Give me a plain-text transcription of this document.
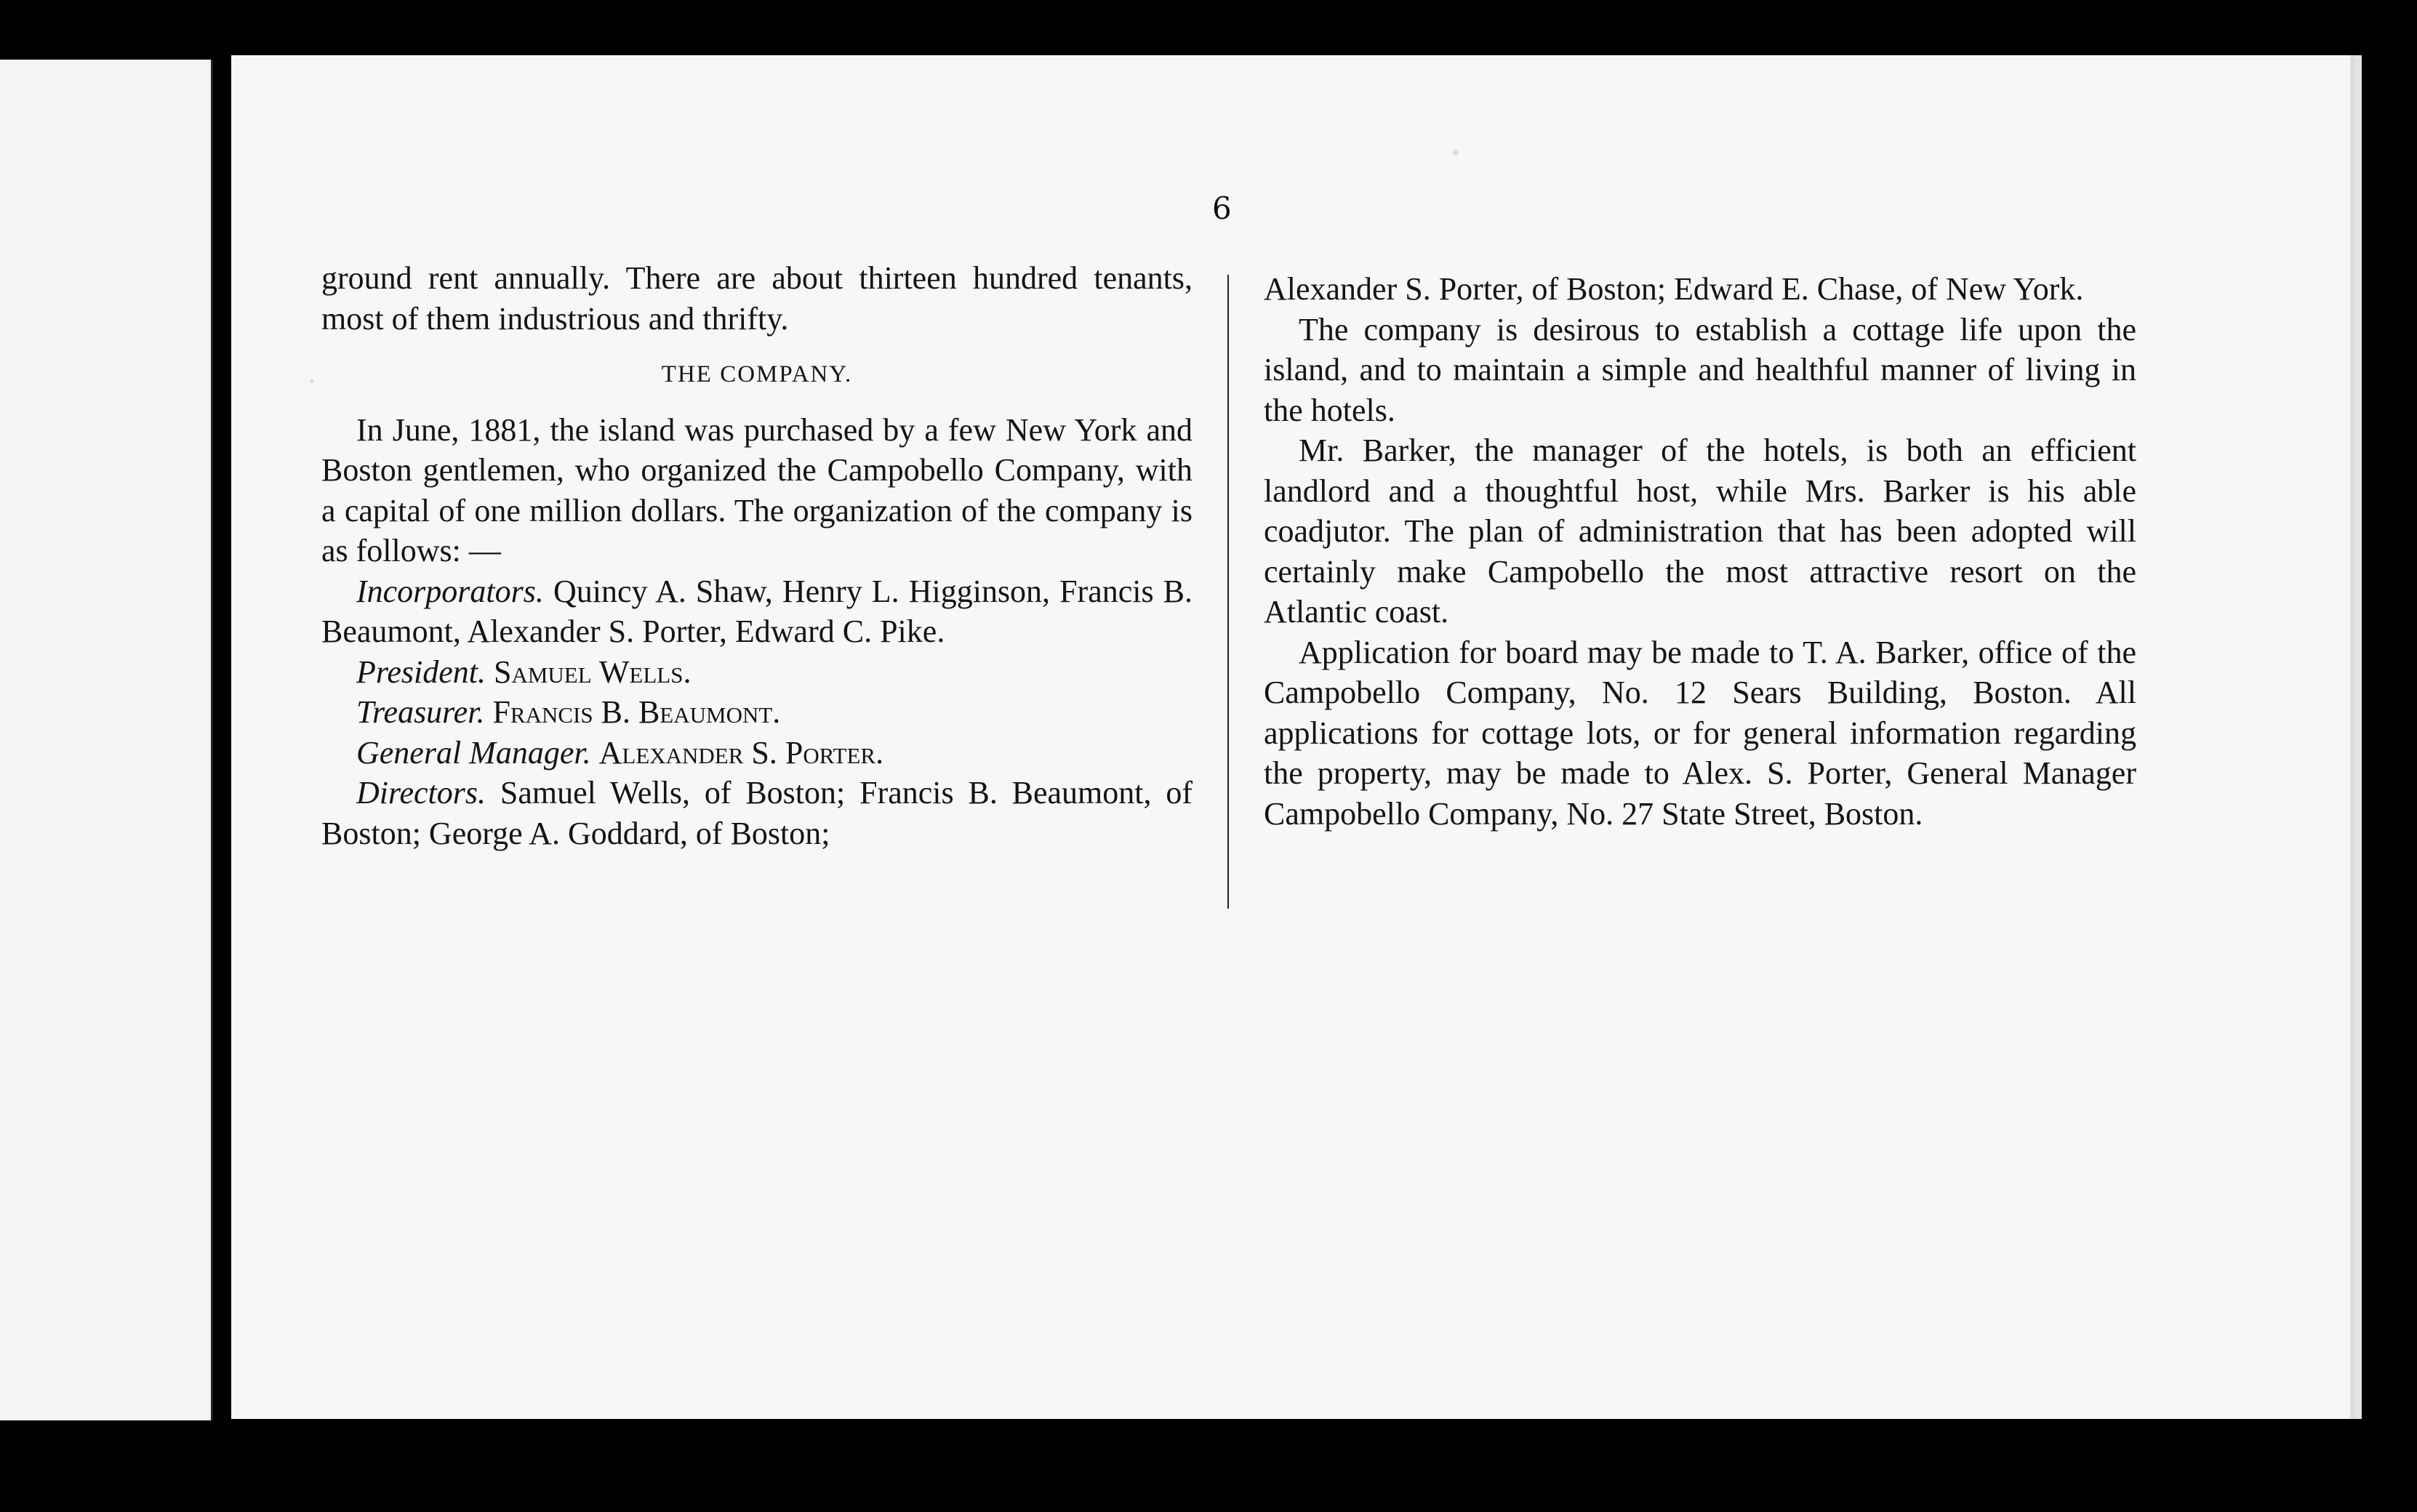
6

ground rent annually. There are about thirteen hundred tenants, most of them industrious and thrifty.

THE COMPANY.

In June, 1881, the island was purchased by a few New York and Boston gentlemen, who organized the Campobello Company, with a capital of one million dollars. The organization of the company is as follows: —

Incorporators. Quincy A. Shaw, Henry L. Higginson, Francis B. Beaumont, Alexander S. Porter, Edward C. Pike.

President. Samuel Wells.

Treasurer. Francis B. Beaumont.

General Manager. Alexander S. Porter.

Directors. Samuel Wells, of Boston; Francis B. Beaumont, of Boston; George A. Goddard, of Boston;

Alexander S. Porter, of Boston; Edward E. Chase, of New York.

The company is desirous to establish a cottage life upon the island, and to maintain a simple and healthful manner of living in the hotels.

Mr. Barker, the manager of the hotels, is both an efficient landlord and a thoughtful host, while Mrs. Barker is his able coadjutor. The plan of administration that has been adopted will certainly make Campobello the most attractive resort on the Atlantic coast.

Application for board may be made to T. A. Barker, office of the Campobello Company, No. 12 Sears Building, Boston. All applications for cottage lots, or for general information regarding the property, may be made to Alex. S. Porter, General Manager Campobello Company, No. 27 State Street, Boston.
